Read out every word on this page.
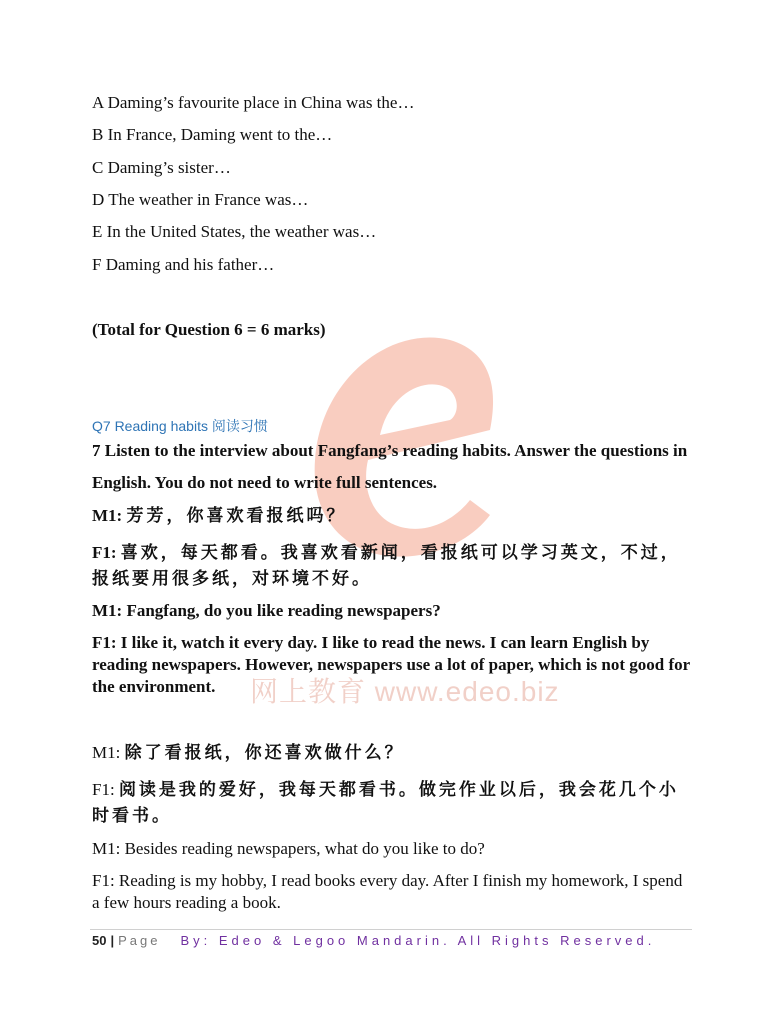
网上教育 www.edeo.biz
A Daming’s favourite place in China was the…
B In France, Daming went to the…
C Daming’s sister…
D The weather in France was…
E In the United States, the weather was…
F Daming and his father…
(Total for Question 6 = 6 marks)
Q7 Reading habits 阅读习惯
7 Listen to the interview about Fangfang’s reading habits. Answer the questions in
English. You do not need to write full sentences.
M1: 芳芳，你喜欢看报纸吗？
F1: 喜欢，每天都看。我喜欢看新闻，看报纸可以学习英文，不过，报纸要用很多纸，对环境不好。
M1: Fangfang, do you like reading newspapers?
F1: I like it, watch it every day. I like to read the news. I can learn English by reading newspapers. However, newspapers use a lot of paper, which is not good for the environment.
M1: 除了看报纸，你还喜欢做什么？
F1: 阅读是我的爱好，我每天都看书。做完作业以后，我会花几个小时看书。
M1: Besides reading newspapers, what do you like to do?
F1: Reading is my hobby, I read books every day. After I finish my homework, I spend a few hours reading a book.
50 | Page By: Edeo & Legoo Mandarin. All Rights Reserved.
